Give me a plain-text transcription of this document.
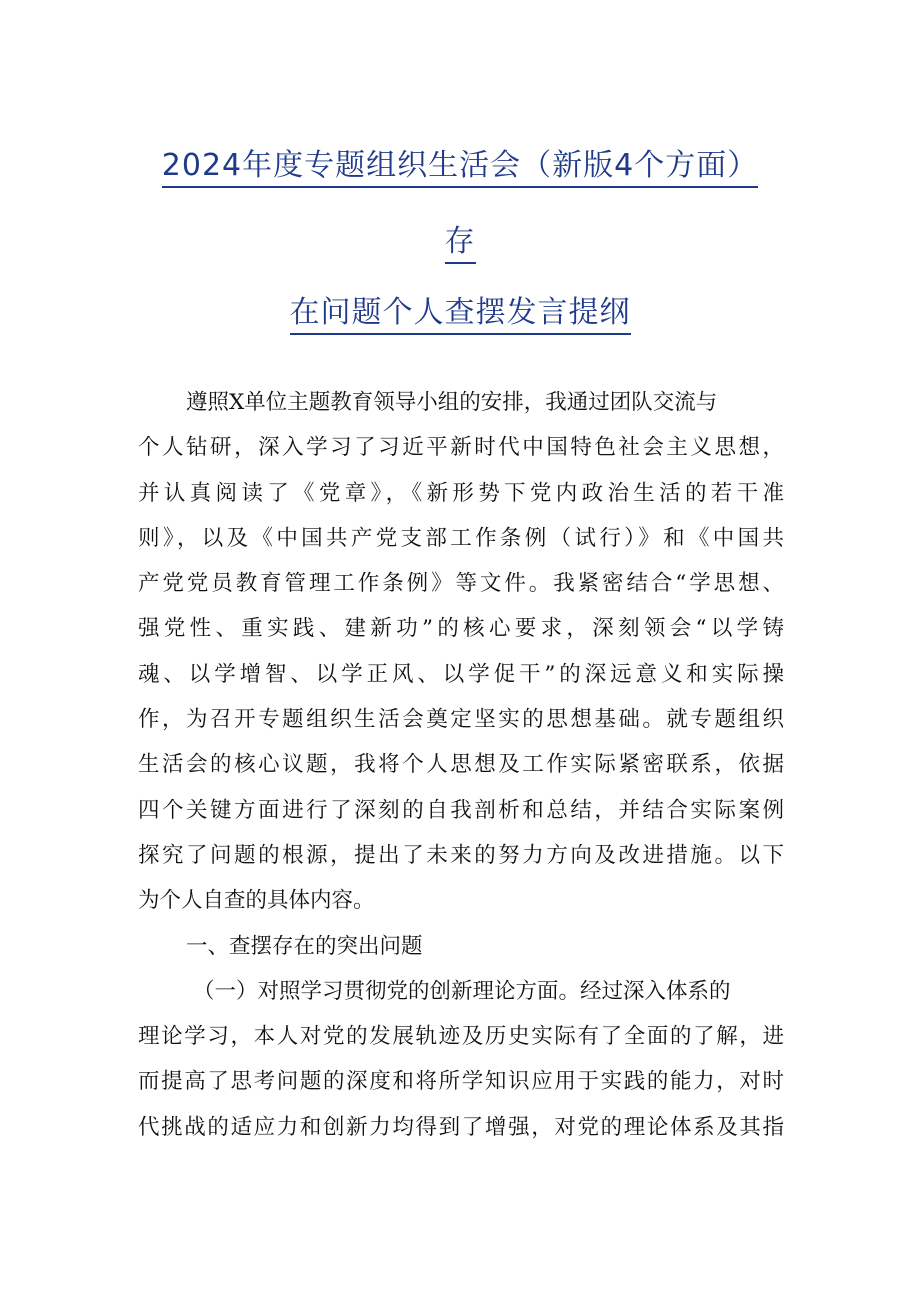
2024年度专题组织生活会（新版4个方面）
存
在问题个人查摆发言提纲
遵照X单位主题教育领导小组的安排，我通过团队交流与
个人钻研，深入学习了习近平新时代中国特色社会主义思想，
并认真阅读了《党章》，《新形势下党内政治生活的若干准
则》，以及《中国共产党支部工作条例（试行）》和《中国共
产党党员教育管理工作条例》等文件。我紧密结合“学思想、
强党性、重实践、建新功”的核心要求，深刻领会“以学铸
魂、以学增智、以学正风、以学促干”的深远意义和实际操
作，为召开专题组织生活会奠定坚实的思想基础。就专题组织
生活会的核心议题，我将个人思想及工作实际紧密联系，依据
四个关键方面进行了深刻的自我剖析和总结，并结合实际案例
探究了问题的根源，提出了未来的努力方向及改进措施。以下
为个人自查的具体内容。
一、查摆存在的突出问题
（一）对照学习贯彻党的创新理论方面。经过深入体系的
理论学习，本人对党的发展轨迹及历史实际有了全面的了解，进
而提高了思考问题的深度和将所学知识应用于实践的能力，对时
代挑战的适应力和创新力均得到了增强，对党的理论体系及其指
